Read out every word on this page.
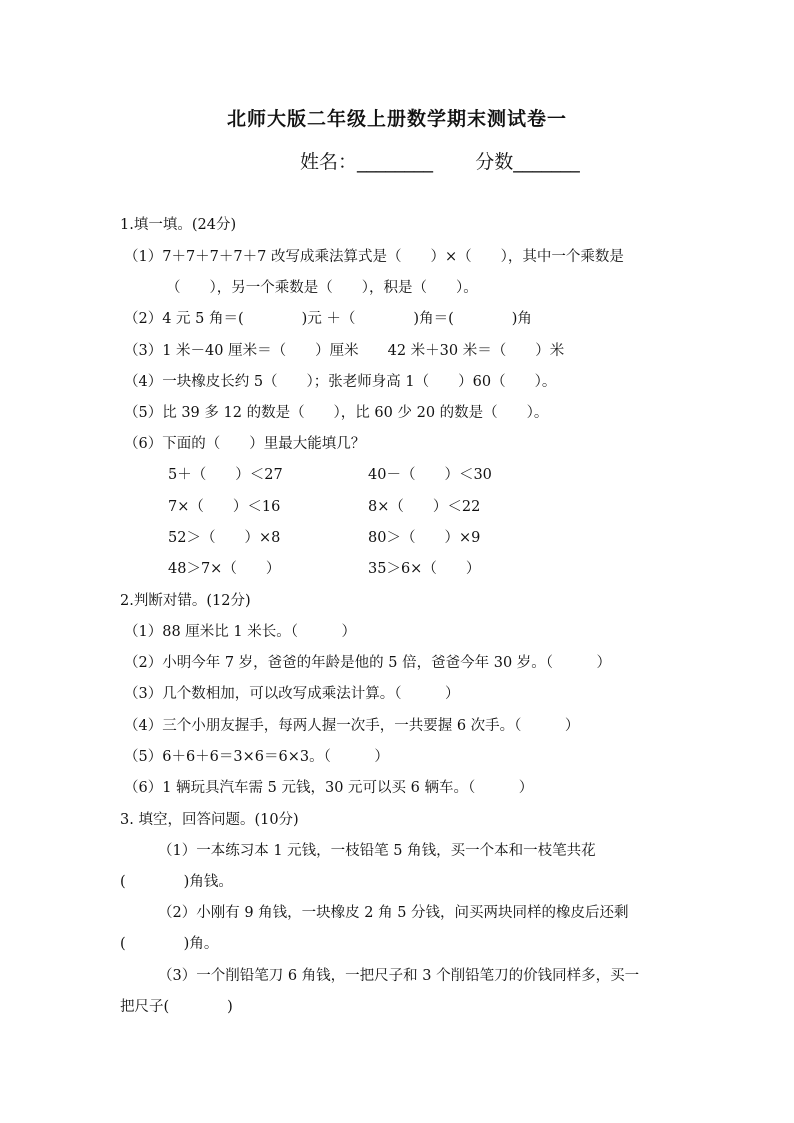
北师大版二年级上册数学期末测试卷一
姓名：________ 分数_______
1.填一填。(24分)
（1）7＋7＋7＋7＋7 改写成乘法算式是（　　）×（　　），其中一个乘数是
（　　），另一个乘数是（　　），积是（　　）。
（2）4 元 5 角＝(　　　　)元 ＋（　　　　)角＝(　　　　)角
（3）1 米－40 厘米＝（　　）厘米　　42 米＋30 米＝（　　）米
（4）一块橡皮长约 5（　　）；张老师身高 1（　　）60（　　）。
（5）比 39 多 12 的数是（　　），比 60 少 20 的数是（　　）。
（6）下面的（　　）里最大能填几？
5＋（　　）＜27	40－（　　）＜30
7×（　　）＜16	8×（　　）＜22
52＞（　　）×8	80＞（　　）×9
48＞7×（　　）	35＞6×（　　）
2.判断对错。(12分)
（1）88 厘米比 1 米长。（　　　）
（2）小明今年 7 岁，爸爸的年龄是他的 5 倍，爸爸今年 30 岁。（　　　）
（3）几个数相加，可以改写成乘法计算。（　　　）
（4）三个小朋友握手，每两人握一次手，一共要握 6 次手。（　　　）
（5）6＋6＋6＝3×6＝6×3。（　　　）
（6）1 辆玩具汽车需 5 元钱，30 元可以买 6 辆车。（　　　）
3. 填空，回答问题。(10分)
（1）一本练习本 1 元钱，一枝铅笔 5 角钱，买一个本和一枝笔共花
(　　　　)角钱。
（2）小刚有 9 角钱，一块橡皮 2 角 5 分钱，问买两块同样的橡皮后还剩
(　　　　)角。
（3）一个削铅笔刀 6 角钱，一把尺子和 3 个削铅笔刀的价钱同样多，买一
把尺子(　　　　)
